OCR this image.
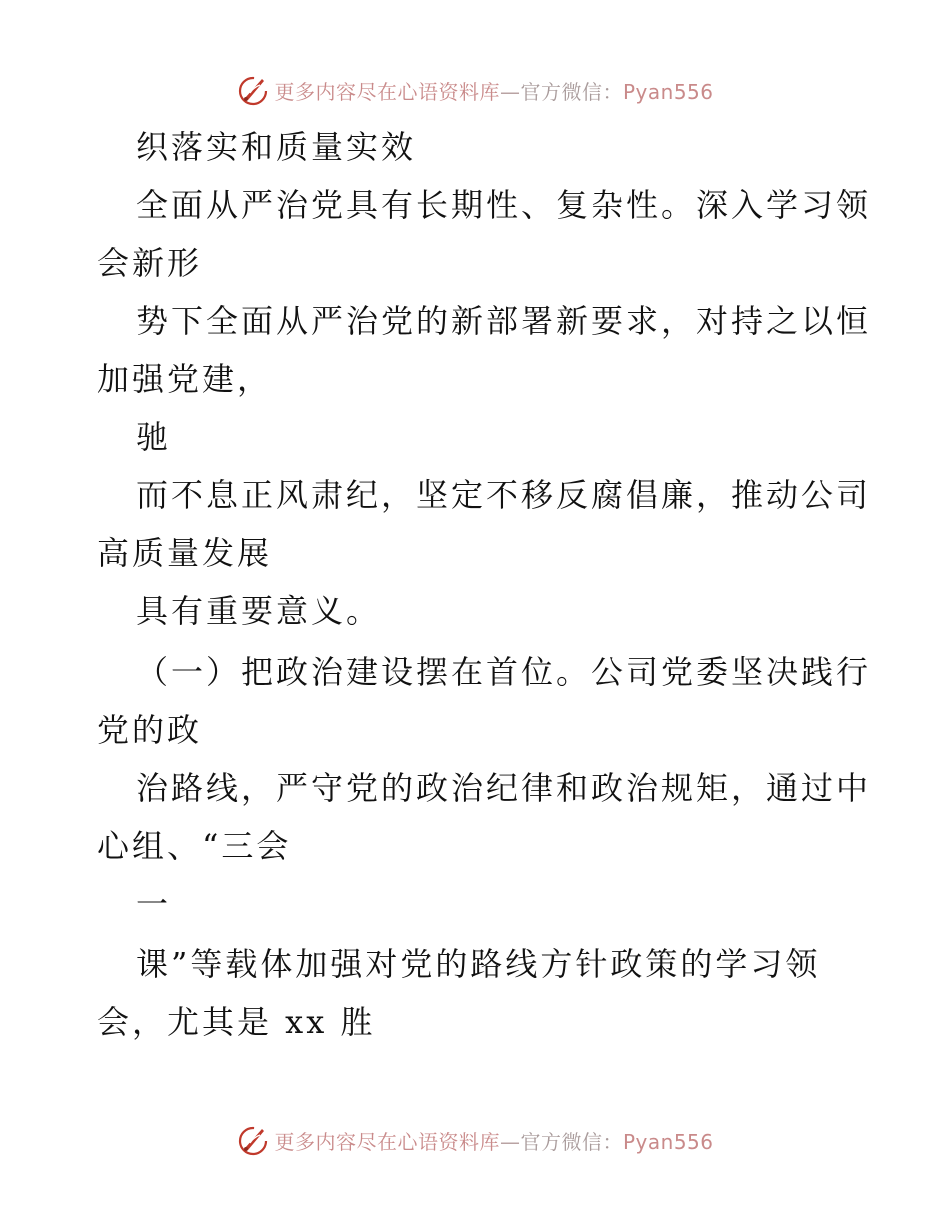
更多内容尽在心语资料库—官方微信：Pyan556
织落实和质量实效
全面从严治党具有长期性、复杂性。深入学习领
会新形
势下全面从严治党的新部署新要求，对持之以恒
加强党建，
驰
而不息正风肃纪，坚定不移反腐倡廉，推动公司
高质量发展
具有重要意义。
（一）把政治建设摆在首位。公司党委坚决践行
党的政
治路线，严守党的政治纪律和政治规矩，通过中
心组、“三会
一
课”等载体加强对党的路线方针政策的学习领
会，尤其是 xx 胜
更多内容尽在心语资料库—官方微信：Pyan556
